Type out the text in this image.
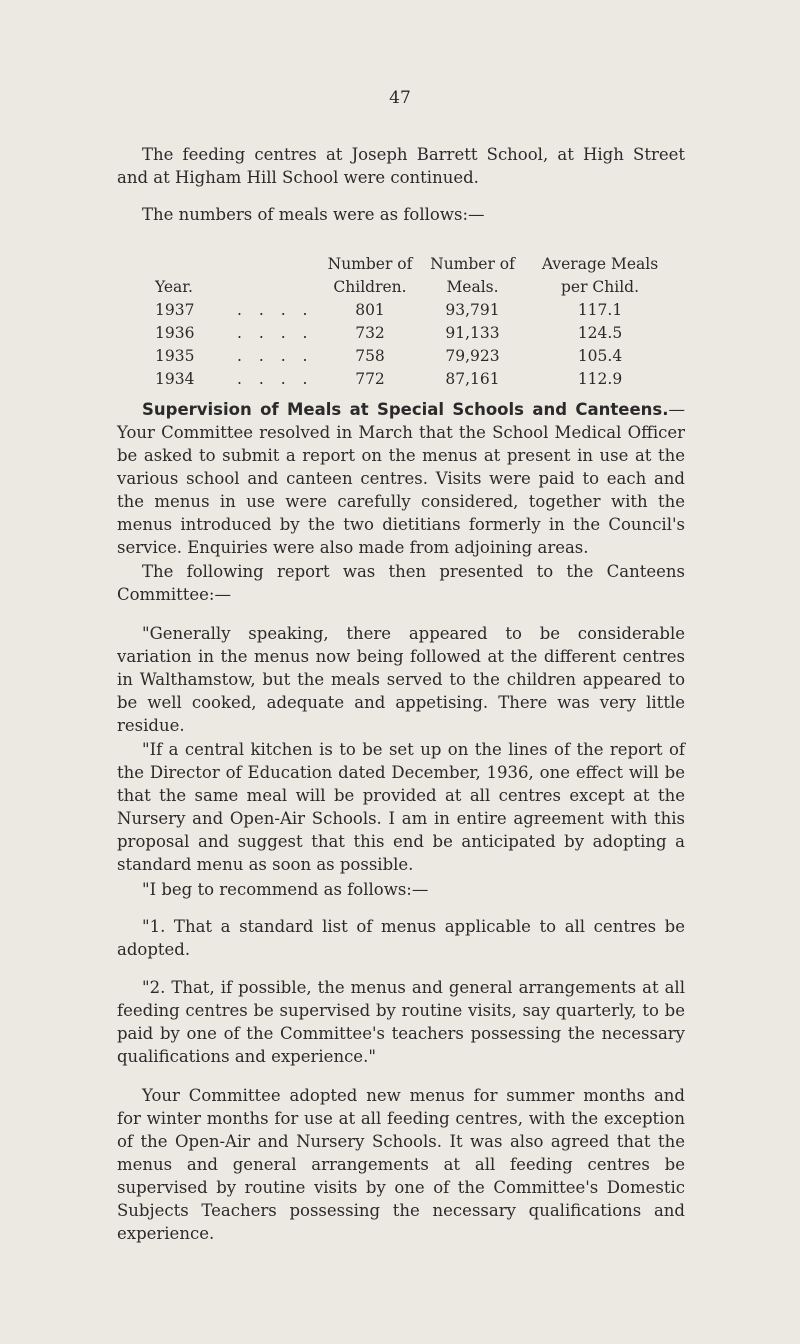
47

The feeding centres at Joseph Barrett School, at High Street and at Higham Hill School were continued.

The numbers of meals were as follows:—

		Number of	Number of	Average Meals
Year.		Children.	Meals.	per Child.
1937	. . . .	801	93,791	117.1
1936	. . . .	732	91,133	124.5
1935	. . . .	758	79,923	105.4
1934	. . . .	772	87,161	112.9

Supervision of Meals at Special Schools and Canteens.— Your Committee resolved in March that the School Medical Officer be asked to submit a report on the menus at present in use at the various school and canteen centres. Visits were paid to each and the menus in use were carefully considered, together with the menus introduced by the two dietitians formerly in the Council's service. Enquiries were also made from adjoining areas.

The following report was then presented to the Canteens Committee:—

"Generally speaking, there appeared to be considerable variation in the menus now being followed at the different centres in Walthamstow, but the meals served to the children appeared to be well cooked, adequate and appetising. There was very little residue.

"If a central kitchen is to be set up on the lines of the report of the Director of Education dated December, 1936, one effect will be that the same meal will be provided at all centres except at the Nursery and Open-Air Schools. I am in entire agreement with this proposal and suggest that this end be anticipated by adopting a standard menu as soon as possible.

"I beg to recommend as follows:—

"1. That a standard list of menus applicable to all centres be adopted.

"2. That, if possible, the menus and general arrangements at all feeding centres be supervised by routine visits, say quarterly, to be paid by one of the Committee's teachers possessing the necessary qualifications and experience."

Your Committee adopted new menus for summer months and for winter months for use at all feeding centres, with the exception of the Open-Air and Nursery Schools. It was also agreed that the menus and general arrangements at all feeding centres be supervised by routine visits by one of the Committee's Domestic Subjects Teachers possessing the necessary qualifications and experience.
